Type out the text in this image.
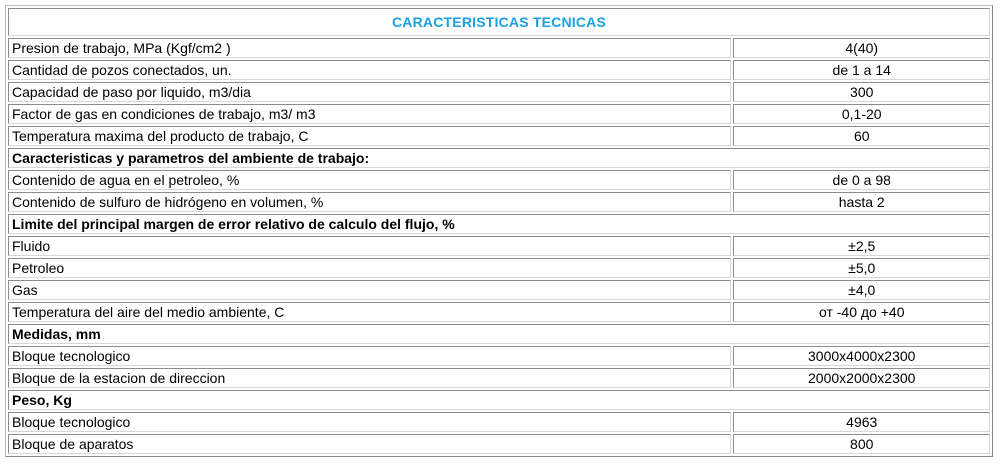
CARACTERISTICAS TECNICAS	
Presion de trabajo, MPa (Kgf/cm2 )	4(40)
Cantidad de pozos conectados, un.	de 1 a 14
Capacidad de paso por liquido, m3/dia	300
Factor de gas en condiciones de trabajo, m3/ m3	0,1-20
Temperatura maxima del producto de trabajo, C	60
Caracteristicas y parametros del ambiente de trabajo:	
Contenido de agua en el petroleo, %	de 0 a 98
Contenido de sulfuro de hidrógeno en volumen, %	hasta 2
Limite del principal margen de error relativo de calculo del flujo, %	
Fluido	±2,5
Petroleo	±5,0
Gas	±4,0
Temperatura del aire del medio ambiente, C	от -40 до +40
Medidas, mm	
Bloque tecnologico	3000x4000x2300
Bloque de la estacion de direccion	2000x2000x2300
Peso, Kg	
Bloque tecnologico	4963
Bloque de aparatos	800
